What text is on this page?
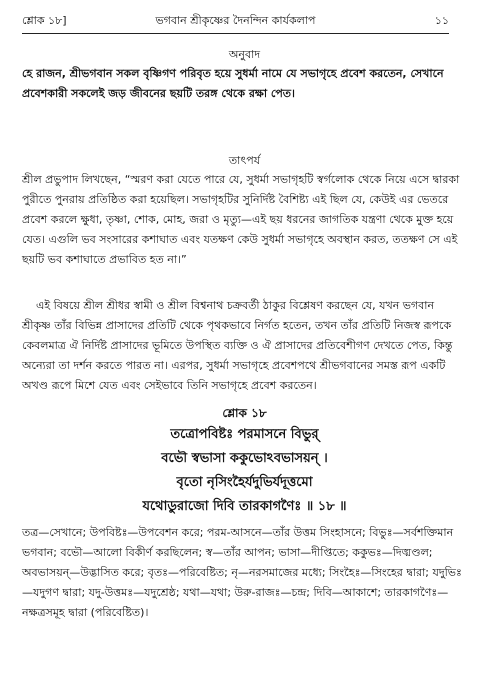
শ্লোক ১৮]	ভগবান শ্রীকৃষ্ণের দৈনন্দিন কার্যকলাপ	১১
অনুবাদ
হে রাজন, শ্রীভগবান সকল বৃষ্ণিগণ পরিবৃত হয়ে সুধর্মা নামে যে সভাগৃহে প্রবেশ করতেন, সেখানে প্রবেশকারী সকলেই জড় জীবনের ছয়টি তরঙ্গ থেকে রক্ষা পেত।
তাৎপর্য
শ্রীল প্রভুপাদ লিখছেন, “স্মরণ করা যেতে পারে যে, সুধর্মা সভাগৃহটি স্বর্গলোক থেকে নিয়ে এসে দ্বারকা পুরীতে পুনরায় প্রতিষ্ঠিত করা হয়েছিল। সভাগৃহটির সুনির্দিষ্ট বৈশিষ্ট্য এই ছিল যে, কেউই এর ভেতরে প্রবেশ করলে ক্ষুধা, তৃষ্ণা, শোক, মোহ, জরা ও মৃত্যু—এই ছয় ধরনের জাগতিক যন্ত্রণা থেকে মুক্ত হয়ে যেত। এগুলি ভব সংসারের কশাঘাত এবং যতক্ষণ কেউ সুধর্মা সভাগৃহে অবস্থান করত, ততক্ষণ সে এই ছয়টি ভব কশাঘাতে প্রভাবিত হত না।”
এই বিষয়ে শ্রীল শ্রীধর স্বামী ও শ্রীল বিশ্বনাথ চক্রবর্তী ঠাকুর বিশ্লেষণ করছেন যে, যখন ভগবান শ্রীকৃষ্ণ তাঁর বিভিন্ন প্রাসাদের প্রতিটি থেকে পৃথকভাবে নির্গত হতেন, তখন তাঁর প্রতিটি নিজস্ব রূপকে কেবলমাত্র ঐ নির্দিষ্ট প্রাসাদের ভূমিতে উপস্থিত ব্যক্তি ও ঐ প্রাসাদের প্রতিবেশীগণ দেখতে পেত, কিন্তু অন্যেরা তা দর্শন করতে পারত না। এরপর, সুধর্মা সভাগৃহে প্রবেশপথে শ্রীভগবানের সমস্ত রূপ একটি অখণ্ড রূপে মিশে যেত এবং সেইভাবে তিনি সভাগৃহে প্রবেশ করতেন।
শ্লোক ১৮
তত্রোপবিষ্টঃ পরমাসনে বিভুর্
বভৌ স্বভাসা ককুভোঽবভাসয়ন্ ।
বৃতো নৃসিংহৈর্যদুভির্যদূত্তমো
যথোডুরাজো দিবি তারকাগণৈঃ ॥ ১৮ ॥
তত্র—সেখানে; উপবিষ্টঃ—উপবেশন করে; পরম-আসনে—তাঁর উত্তম সিংহাসনে; বিভুঃ—সর্বশক্তিমান ভগবান; বভৌ—আলো বিকীর্ণ করছিলেন; স্ব—তাঁর আপন; ভাসা—দীপ্তিতে; ককুভঃ—দিঙ্মণ্ডল; অবভাসয়ন্—উদ্ভাসিত করে; বৃতঃ—পরিবেষ্টিত; নৃ—নরসমাজের মধ্যে; সিংহৈঃ—সিংহের দ্বারা; যদুভিঃ—যদুগণ দ্বারা; যদু-উত্তমঃ—যদুশ্রেষ্ঠ; যথা—যথা; উরু-রাজঃ—চন্দ্র; দিবি—আকাশে; তারকাগণৈঃ—নক্ষত্রসমূহ দ্বারা (পরিবেষ্টিত)।
